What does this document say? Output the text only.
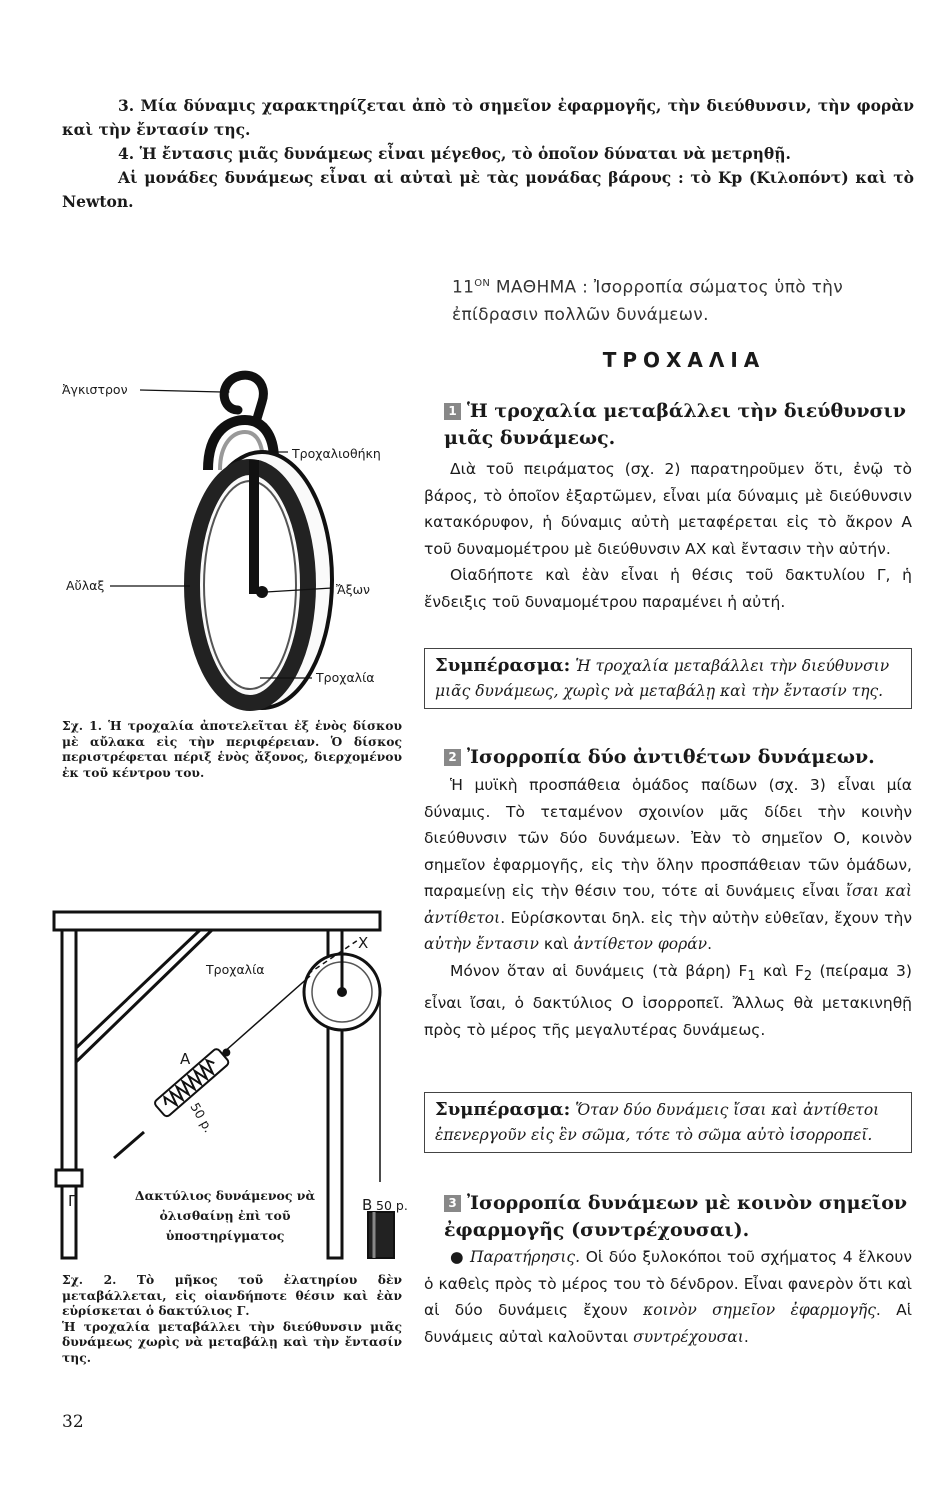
3. Μία δύναμις χαρακτηρίζεται ἀπὸ τὸ σημεῖον ἐφαρμογῆς, τὴν διεύθυνσιν, τὴν φορὰν καὶ τὴν ἔντασίν της.

4. Ἡ ἔντασις μιᾶς δυνάμεως εἶναι μέγεθος, τὸ ὁποῖον δύναται νὰ μετρηθῇ.

Αἱ μονάδες δυνάμεως εἶναι αἱ αὐταὶ μὲ τὰς μονάδας βάρους : τὸ Kp (Κιλοπόντ) καὶ τὸ Newton.

$11^{ON}$ ΜΑΘΗΜΑ : Ἰσορροπία σώματος ὑπὸ τὴν ἐπίδρασιν πολλῶν δυνάμεων.
ΤΡΟΧΑΛΙΑ
1 Ἡ τροχαλία μεταβάλλει τὴν διεύθυνσιν μιᾶς δυνάμεως.

Διὰ τοῦ πειράματος (σχ. 2) παρατηροῦμεν ὅτι, ἐνῷ τὸ βάρος, τὸ ὁποῖον ἐξαρτῶμεν, εἶναι μία δύναμις μὲ διεύθυνσιν κατακόρυφον, ἡ δύναμις αὐτὴ μεταφέρεται εἰς τὸ ἄκρον Α τοῦ δυναμομέτρου μὲ διεύθυνσιν ΑΧ καὶ ἔντασιν τὴν αὐτήν.

Οἱαδήποτε καὶ ἐὰν εἶναι ἡ θέσις τοῦ δακτυλίου Γ, ἡ ἔνδειξις τοῦ δυναμομέτρου παραμένει ἡ αὐτή.

Συμπέρασμα: Ἡ τροχαλία μεταβάλλει τὴν διεύθυνσιν μιᾶς δυνάμεως, χωρὶς νὰ μεταβάλῃ καὶ τὴν ἔντασίν της.
2 Ἰσορροπία δύο ἀντιθέτων δυνάμεων.

Ἡ μυϊκὴ προσπάθεια ὁμάδος παίδων (σχ. 3) εἶναι μία δύναμις. Τὸ τεταμένον σχοινίον μᾶς δίδει τὴν κοινὴν διεύθυνσιν τῶν δύο δυνάμεων. Ἐὰν τὸ σημεῖον Ο, κοινὸν σημεῖον ἐφαρμογῆς, εἰς τὴν ὅλην προσπάθειαν τῶν ὁμάδων, παραμείνῃ εἰς τὴν θέσιν του, τότε αἱ δυνάμεις εἶναι ἴσαι καὶ ἀντίθετοι. Εὑρίσκονται δηλ. εἰς τὴν αὐτὴν εὐθεῖαν, ἔχουν τὴν αὐτὴν ἔντασιν καὶ ἀντίθετον φοράν.

Μόνον ὅταν αἱ δυνάμεις (τὰ βάρη) $F_1$ καὶ $F_2$ (πείραμα 3) εἶναι ἴσαι, ὁ δακτύλιος Ο ἰσορροπεῖ. Ἄλλως θὰ μετακινηθῇ πρὸς τὸ μέρος τῆς μεγαλυτέρας δυνάμεως.

Συμπέρασμα: Ὅταν δύο δυνάμεις ἴσαι καὶ ἀντίθετοι ἐπενεργοῦν εἰς ἓν σῶμα, τότε τὸ σῶμα αὐτὸ ἰσορροπεῖ.
3 Ἰσορροπία δυνάμεων μὲ κοινὸν σημεῖον ἐφαρμογῆς (συντρέχουσαι).

● Παρατήρησις. Οἱ δύο ξυλοκόποι τοῦ σχήματος 4 ἕλκουν ὁ καθεὶς πρὸς τὸ μέρος του τὸ δένδρον. Εἶναι φανερὸν ὅτι καὶ αἱ δύο δυνάμεις ἔχουν κοινὸν σημεῖον ἐφαρμογῆς. Αἱ δυνάμεις αὐταὶ καλοῦνται συντρέχουσαι.

Ἀγκιστρον
Τροχαλιοθήκη
Αὔλαξ	Ἄξων
Τροχαλία
Σχ. 1. Ἡ τροχαλία ἀποτελεῖται ἐξ ἑνὸς δίσκου μὲ αὔλακα εἰς τὴν περιφέρειαν. Ὁ δίσκος περιστρέφεται πέριξ ἑνὸς ἄξονος, διερχομένου ἐκ τοῦ κέντρου του.
Τροχαλία
Χ
Α
50 p.
Γ	Β 50 p.
Δακτύλιος δυνάμενος νὰ
ὀλισθαίνῃ ἐπὶ τοῦ
ὑποστηρίγματος

Σχ. 2. Τὸ μῆκος τοῦ ἐλατηρίου δὲν μεταβάλλεται, εἰς οἱανδήποτε θέσιν καὶ ἐὰν εὑρίσκεται ὁ δακτύλιος Γ.

Ἡ τροχαλία μεταβάλλει τὴν διεύθυνσιν μιᾶς δυνάμεως χωρὶς νὰ μεταβάλῃ καὶ τὴν ἔντασίν της.

32
